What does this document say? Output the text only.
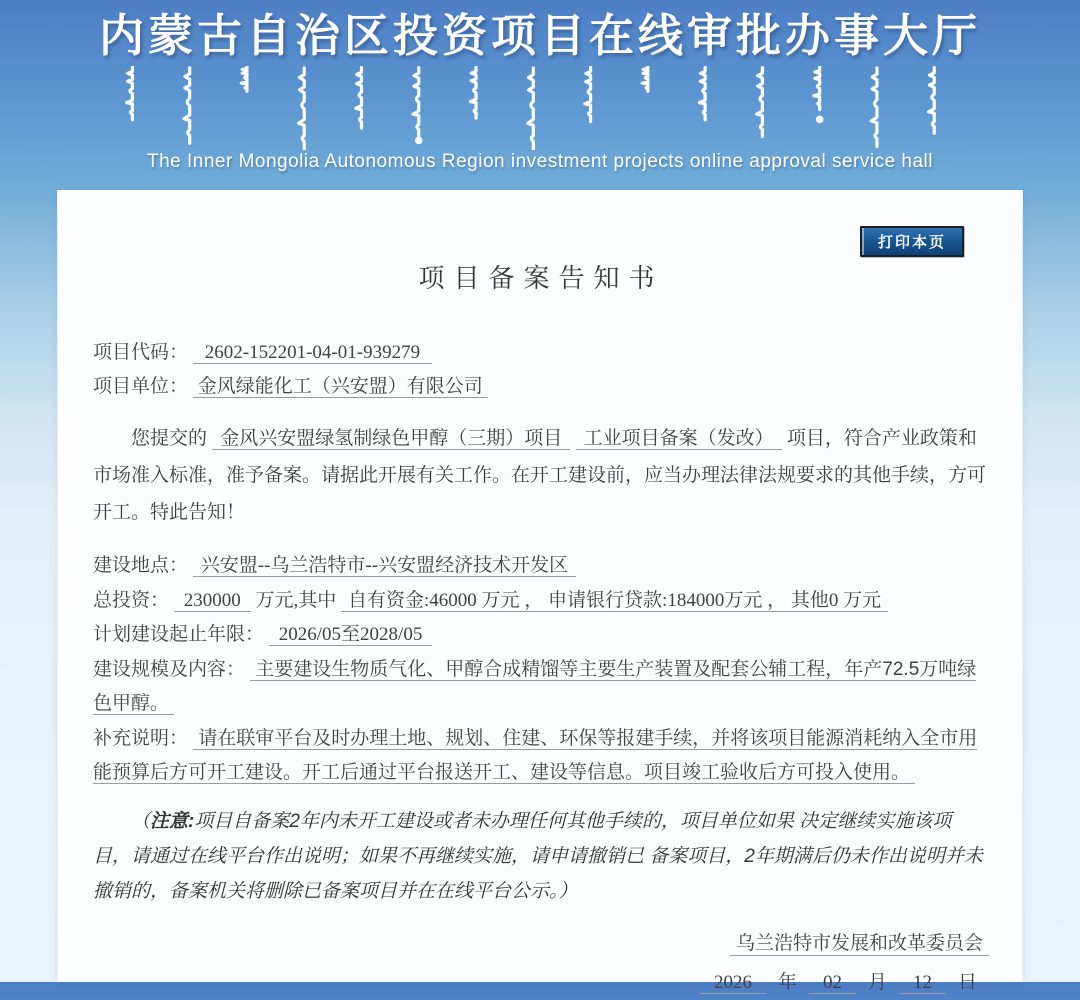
内蒙古自治区投资项目在线审批办事大厅
The Inner Mongolia Autonomous Region investment projects online approval service hall
打印本页
项目备案告知书
项目代码： 2602-152201-04-01-939279
项目单位： 金风绿能化工（兴安盟）有限公司

您提交的 金风兴安盟绿氢制绿色甲醇（三期）项目 工业项目备案（发改） 项目，符合产业政策和市场准入标准，准予备案。请据此开展有关工作。在开工建设前，应当办理法律法规要求的其他手续，方可开工。特此告知！

建设地点： 兴安盟--乌兰浩特市--兴安盟经济技术开发区
总投资： 230000 万元,其中 自有资金:46000 万元 ， 申请银行贷款:184000万元 ， 其他0 万元
计划建设起止年限： 2026/05至2028/05
建设规模及内容： 主要建设生物质气化、甲醇合成精馏等主要生产装置及配套公辅工程，年产72.5万吨绿色甲醇。
补充说明： 请在联审平台及时办理土地、规划、住建、环保等报建手续，并将该项目能源消耗纳入全市用能预算后方可开工建设。开工后通过平台报送开工、建设等信息。项目竣工验收后方可投入使用。

（注意:项目自备案2年内未开工建设或者未办理任何其他手续的，项目单位如果 决定继续实施该项目，请通过在线平台作出说明；如果不再继续实施，请申请撤销已 备案项目，2年期满后仍未作出说明并未撤销的，备案机关将删除已备案项目并在在线平台公示。）

乌兰浩特市发展和改革委员会
2026 年 02 月 12 日
